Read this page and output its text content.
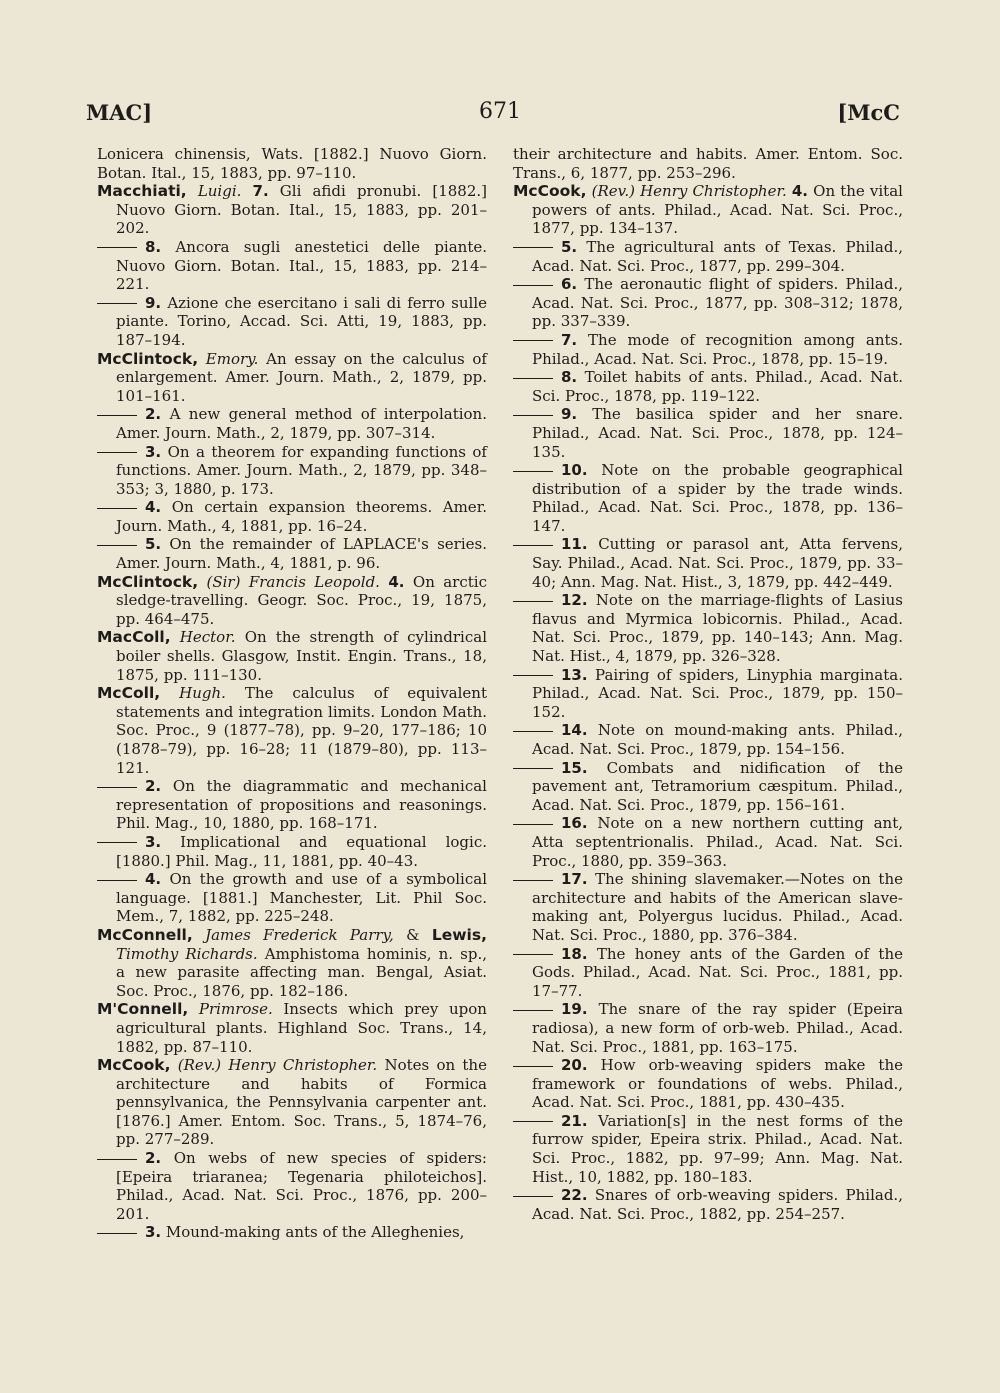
MAC]	671	[McC

Lonicera chinensis, Wats. [1882.] Nuovo Giorn. Botan. Ital., 15, 1883, pp. 97–110.

Macchiati, Luigi. 7. Gli afidi pronubi. [1882.] Nuovo Giorn. Botan. Ital., 15, 1883, pp. 201–202.

8. Ancora sugli anestetici delle piante. Nuovo Giorn. Botan. Ital., 15, 1883, pp. 214–221.

9. Azione che esercitano i sali di ferro sulle piante. Torino, Accad. Sci. Atti, 19, 1883, pp. 187–194.

McClintock, Emory. An essay on the calculus of enlargement. Amer. Journ. Math., 2, 1879, pp. 101–161.

2. A new general method of interpolation. Amer. Journ. Math., 2, 1879, pp. 307–314.

3. On a theorem for expanding functions of functions. Amer. Journ. Math., 2, 1879, pp. 348–353; 3, 1880, p. 173.

4. On certain expansion theorems. Amer. Journ. Math., 4, 1881, pp. 16–24.

5. On the remainder of LAPLACE's series. Amer. Journ. Math., 4, 1881, p. 96.

McClintock, (Sir) Francis Leopold. 4. On arctic sledge-travelling. Geogr. Soc. Proc., 19, 1875, pp. 464–475.

MacColl, Hector. On the strength of cylindrical boiler shells. Glasgow, Instit. Engin. Trans., 18, 1875, pp. 111–130.

McColl, Hugh. The calculus of equivalent statements and integration limits. London Math. Soc. Proc., 9 (1877–78), pp. 9–20, 177–186; 10 (1878–79), pp. 16–28; 11 (1879–80), pp. 113–121.

2. On the diagrammatic and mechanical representation of propositions and reasonings. Phil. Mag., 10, 1880, pp. 168–171.

3. Implicational and equational logic. [1880.] Phil. Mag., 11, 1881, pp. 40–43.

4. On the growth and use of a symbolical language. [1881.] Manchester, Lit. Phil Soc. Mem., 7, 1882, pp. 225–248.

McConnell, James Frederick Parry, & Lewis, Timothy Richards. Amphistoma hominis, n. sp., a new parasite affecting man. Bengal, Asiat. Soc. Proc., 1876, pp. 182–186.

M'Connell, Primrose. Insects which prey upon agricultural plants. Highland Soc. Trans., 14, 1882, pp. 87–110.

McCook, (Rev.) Henry Christopher. Notes on the architecture and habits of Formica pennsylvanica, the Pennsylvania carpenter ant. [1876.] Amer. Entom. Soc. Trans., 5, 1874–76, pp. 277–289.

2. On webs of new species of spiders: [Epeira triaranea; Tegenaria philoteichos]. Philad., Acad. Nat. Sci. Proc., 1876, pp. 200–201.

3. Mound-making ants of the Alleghenies,

their architecture and habits. Amer. Entom. Soc. Trans., 6, 1877, pp. 253–296.

McCook, (Rev.) Henry Christopher. 4. On the vital powers of ants. Philad., Acad. Nat. Sci. Proc., 1877, pp. 134–137.

5. The agricultural ants of Texas. Philad., Acad. Nat. Sci. Proc., 1877, pp. 299–304.

6. The aeronautic flight of spiders. Philad., Acad. Nat. Sci. Proc., 1877, pp. 308–312; 1878, pp. 337–339.

7. The mode of recognition among ants. Philad., Acad. Nat. Sci. Proc., 1878, pp. 15–19.

8. Toilet habits of ants. Philad., Acad. Nat. Sci. Proc., 1878, pp. 119–122.

9. The basilica spider and her snare. Philad., Acad. Nat. Sci. Proc., 1878, pp. 124–135.

10. Note on the probable geographical distribution of a spider by the trade winds. Philad., Acad. Nat. Sci. Proc., 1878, pp. 136–147.

11. Cutting or parasol ant, Atta fervens, Say. Philad., Acad. Nat. Sci. Proc., 1879, pp. 33–40; Ann. Mag. Nat. Hist., 3, 1879, pp. 442–449.

12. Note on the marriage-flights of Lasius flavus and Myrmica lobicornis. Philad., Acad. Nat. Sci. Proc., 1879, pp. 140–143; Ann. Mag. Nat. Hist., 4, 1879, pp. 326–328.

13. Pairing of spiders, Linyphia marginata. Philad., Acad. Nat. Sci. Proc., 1879, pp. 150–152.

14. Note on mound-making ants. Philad., Acad. Nat. Sci. Proc., 1879, pp. 154–156.

15. Combats and nidification of the pavement ant, Tetramorium cæspitum. Philad., Acad. Nat. Sci. Proc., 1879, pp. 156–161.

16. Note on a new northern cutting ant, Atta septentrionalis. Philad., Acad. Nat. Sci. Proc., 1880, pp. 359–363.

17. The shining slavemaker.—Notes on the architecture and habits of the American slave-making ant, Polyergus lucidus. Philad., Acad. Nat. Sci. Proc., 1880, pp. 376–384.

18. The honey ants of the Garden of the Gods. Philad., Acad. Nat. Sci. Proc., 1881, pp. 17–77.

19. The snare of the ray spider (Epeira radiosa), a new form of orb-web. Philad., Acad. Nat. Sci. Proc., 1881, pp. 163–175.

20. How orb-weaving spiders make the framework or foundations of webs. Philad., Acad. Nat. Sci. Proc., 1881, pp. 430–435.

21. Variation[s] in the nest forms of the furrow spider, Epeira strix. Philad., Acad. Nat. Sci. Proc., 1882, pp. 97–99; Ann. Mag. Nat. Hist., 10, 1882, pp. 180–183.

22. Snares of orb-weaving spiders. Philad., Acad. Nat. Sci. Proc., 1882, pp. 254–257.
